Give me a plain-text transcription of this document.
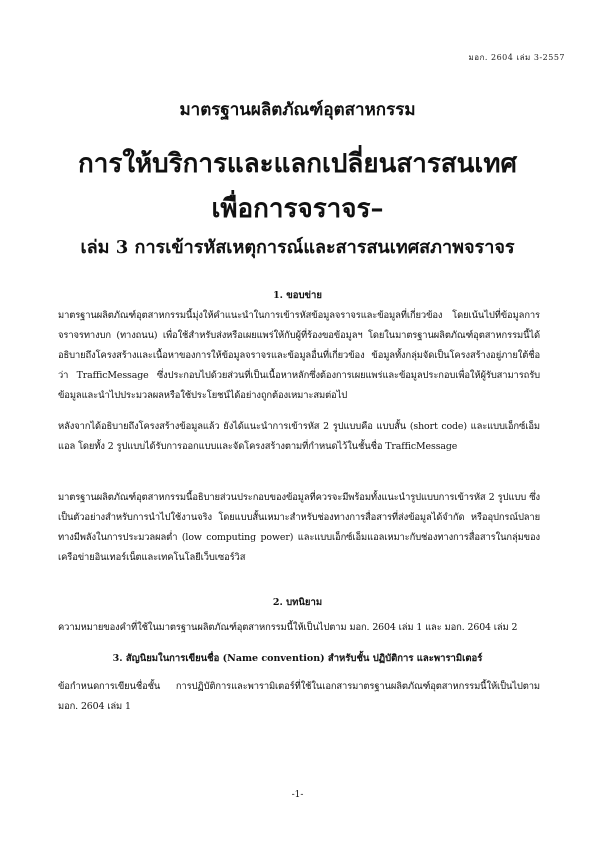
มอก. 2604 เล่ม 3-2557
มาตรฐานผลิตภัณฑ์อุตสาหกรรม
การให้บริการและแลกเปลี่ยนสารสนเทศ
เพื่อการจราจร–
เล่ม 3 การเข้ารหัสเหตุการณ์และสารสนเทศสภาพจราจร
1. ขอบข่าย
มาตรฐานผลิตภัณฑ์อุตสาหกรรมนี้มุ่งให้คำแนะนำในการเข้ารหัสข้อมูลจราจรและข้อมูลที่เกี่ยวข้อง โดยเน้นไปที่ข้อมูลการจราจรทางบก (ทางถนน) เพื่อใช้สำหรับส่งหรือเผยแพร่ให้กับผู้ที่ร้องขอข้อมูลฯ โดยในมาตรฐานผลิตภัณฑ์อุตสาหกรรมนี้ได้อธิบายถึงโครงสร้างและเนื้อหาของการให้ข้อมูลจราจรและข้อมูลอื่นที่เกี่ยวข้อง ข้อมูลทั้งกลุ่มจัดเป็นโครงสร้างอยู่ภายใต้ชื่อว่า TrafficMessage ซึ่งประกอบไปด้วยส่วนที่เป็นเนื้อหาหลักซึ่งต้องการเผยแพร่และข้อมูลประกอบเพื่อให้ผู้รับสามารถรับข้อมูลและนำไปประมวลผลหรือใช้ประโยชน์ได้อย่างถูกต้องเหมาะสมต่อไป
หลังจากได้อธิบายถึงโครงสร้างข้อมูลแล้ว ยังได้แนะนำการเข้ารหัส 2 รูปแบบคือ แบบสั้น (short code) และแบบเอ็กซ์เอ็มแอล โดยทั้ง 2 รูปแบบได้รับการออกแบบและจัดโครงสร้างตามที่กำหนดไว้ในชั้นชื่อ TrafficMessage
มาตรฐานผลิตภัณฑ์อุตสาหกรรมนี้อธิบายส่วนประกอบของข้อมูลที่ควรจะมีพร้อมทั้งแนะนำรูปแบบการเข้ารหัส 2 รูปแบบ ซึ่งเป็นตัวอย่างสำหรับการนำไปใช้งานจริง โดยแบบสั้นเหมาะสำหรับช่องทางการสื่อสารที่ส่งข้อมูลได้จำกัด หรืออุปกรณ์ปลายทางมีพลังในการประมวลผลต่ำ (low computing power) และแบบเอ็กซ์เอ็มแอลเหมาะกับช่องทางการสื่อสารในกลุ่มของเครือข่ายอินเทอร์เน็ตและเทคโนโลยีเว็บเซอร์วิส
2. บทนิยาม
ความหมายของคำที่ใช้ในมาตรฐานผลิตภัณฑ์อุตสาหกรรมนี้ให้เป็นไปตาม มอก. 2604 เล่ม 1 และ มอก. 2604 เล่ม 2
3. สัญนิยมในการเขียนชื่อ (Name convention) สำหรับชั้น ปฏิบัติการ และพารามิเตอร์
ข้อกำหนดการเขียนชื่อชั้น การปฏิบัติการและพารามิเตอร์ที่ใช้ในเอกสารมาตรฐานผลิตภัณฑ์อุตสาหกรรมนี้ให้เป็นไปตาม มอก. 2604 เล่ม 1
-1-
